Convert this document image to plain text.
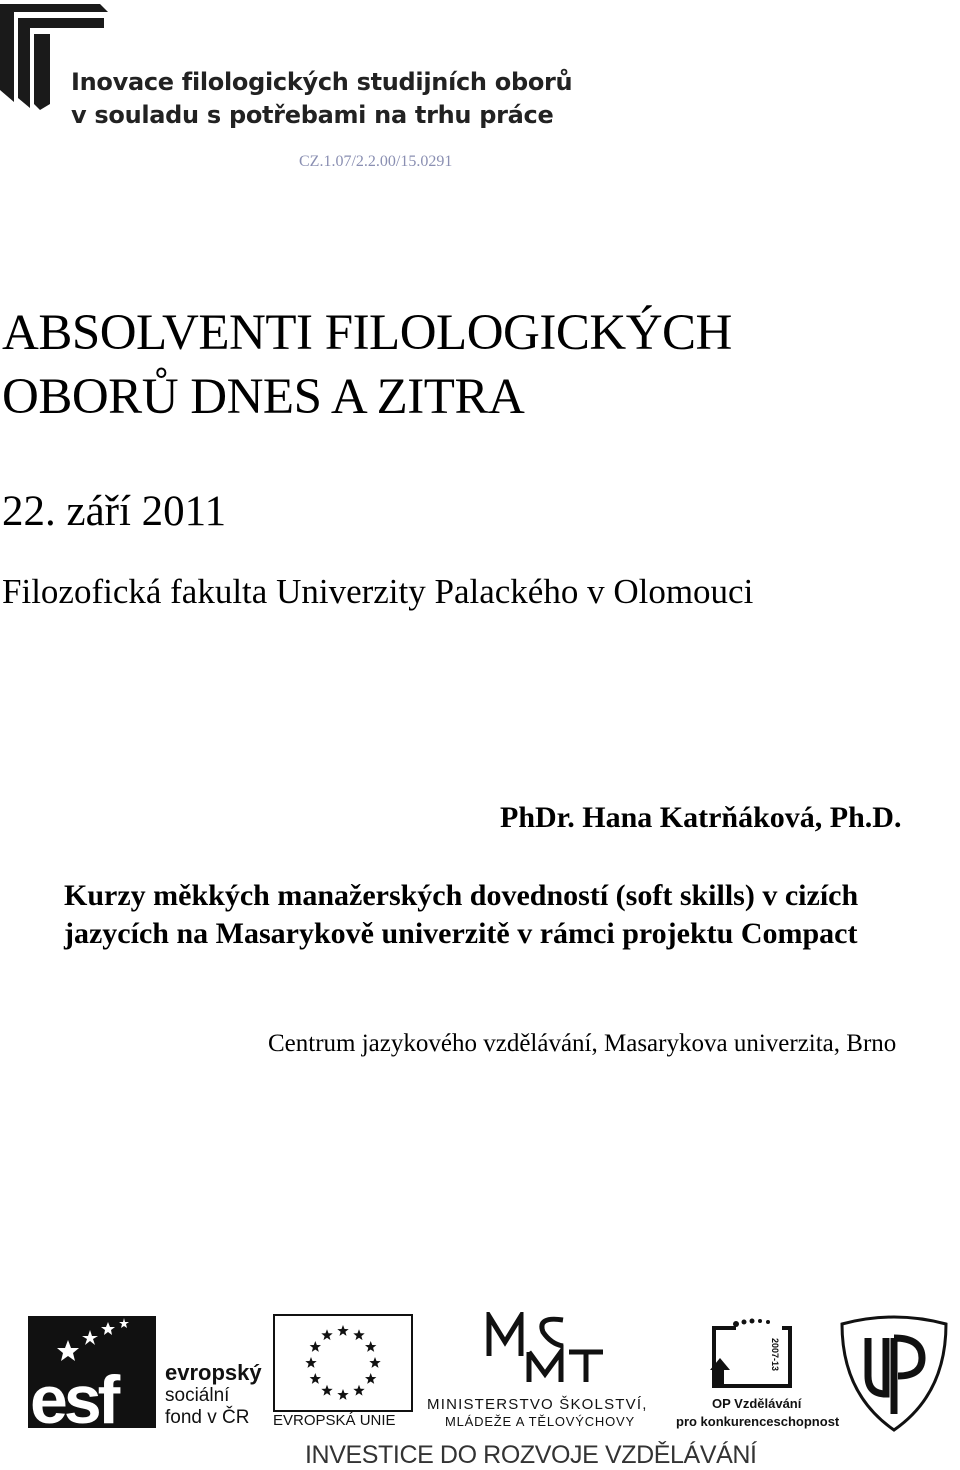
Inovace filologických studijních oborů
v souladu s potřebami na trhu práce
CZ.1.07/2.2.00/15.0291
ABSOLVENTI FILOLOGICKÝCH
OBORŮ DNES A ZITRA
22. září 2011
Filozofická fakulta Univerzity Palackého v Olomouci
PhDr. Hana Katrňáková, Ph.D.
Kurzy měkkých manažerských dovedností (soft skills) v cizích
jazycích na Masarykově univerzitě v rámci projektu Compact
Centrum jazykového vzdělávání, Masarykova univerzita, Brno
esf evropský
sociální
fond v ČR EVROPSKÁ UNIE
MINISTERSTVO ŠKOLSTVÍ,
MLÁDEŽE A TĚLOVÝCHOVY
2007-13
OP Vzdělávání
pro konkurenceschopnost
INVESTICE DO ROZVOJE VZDĚLÁVÁNÍ
